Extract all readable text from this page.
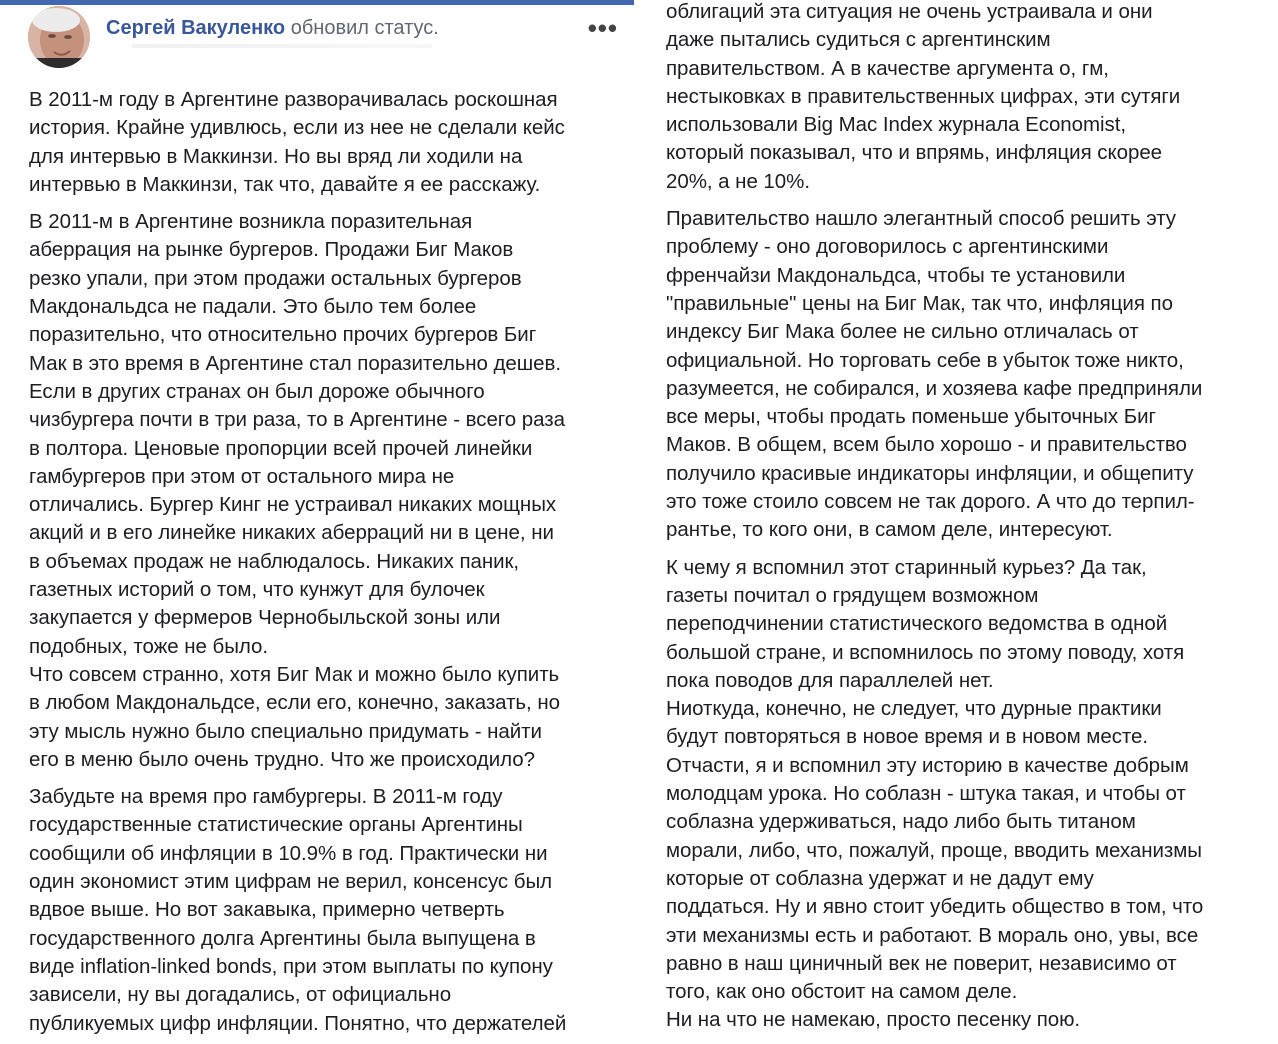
Сергей Вакуленко обновил статус.	•••

В 2011-м году в Аргентине разворачивалась роскошная
история. Крайне удивлюсь, если из нее не сделали кейс
для интервью в Маккинзи. Но вы вряд ли ходили на
интервью в Маккинзи, так что, давайте я ее расскажу.

В 2011-м в Аргентине возникла поразительная
аберрация на рынке бургеров. Продажи Биг Маков
резко упали, при этом продажи остальных бургеров
Макдональдса не падали. Это было тем более
поразительно, что относительно прочих бургеров Биг
Мак в это время в Аргентине стал поразительно дешев.
Если в других странах он был дороже обычного
чизбургера почти в три раза, то в Аргентине - всего раза
в полтора. Ценовые пропорции всей прочей линейки
гамбургеров при этом от остального мира не
отличались. Бургер Кинг не устраивал никаких мощных
акций и в его линейке никаких аберраций ни в цене, ни
в объемах продаж не наблюдалось. Никаких паник,
газетных историй о том, что кунжут для булочек
закупается у фермеров Чернобыльской зоны или
подобных, тоже не было.
Что совсем странно, хотя Биг Мак и можно было купить
в любом Макдональдсе, если его, конечно, заказать, но
эту мысль нужно было специально придумать - найти
его в меню было очень трудно. Что же происходило?

Забудьте на время про гамбургеры. В 2011-м году
государственные статистические органы Аргентины
сообщили об инфляции в 10.9% в год. Практически ни
один экономист этим цифрам не верил, консенсус был
вдвое выше. Но вот закавыка, примерно четверть
государственного долга Аргентины была выпущена в
виде inflation-linked bonds, при этом выплаты по купону
зависели, ну вы догадались, от официально
публикуемых цифр инфляции. Понятно, что держателей

облигаций эта ситуация не очень устраивала и они
даже пытались судиться с аргентинским
правительством. А в качестве аргумента о, гм,
нестыковках в правительственных цифрах, эти сутяги
использовали Big Mac Index журнала Economist,
который показывал, что и впрямь, инфляция скорее
20%, а не 10%.

Правительство нашло элегантный способ решить эту
проблему - оно договорилось с аргентинскими
френчайзи Макдональдса, чтобы те установили
"правильные" цены на Биг Мак, так что, инфляция по
индексу Биг Мака более не сильно отличалась от
официальной. Но торговать себе в убыток тоже никто,
разумеется, не собирался, и хозяева кафе предприняли
все меры, чтобы продать поменьше убыточных Биг
Маков. В общем, всем было хорошо - и правительство
получило красивые индикаторы инфляции, и общепиту
это тоже стоило совсем не так дорого. А что до терпил-
рантье, то кого они, в самом деле, интересуют.

К чему я вспомнил этот старинный курьез? Да так,
газеты почитал о грядущем возможном
переподчинении статистического ведомства в одной
большой стране, и вспомнилось по этому поводу, хотя
пока поводов для параллелей нет.
Ниоткуда, конечно, не следует, что дурные практики
будут повторяться в новое время и в новом месте.
Отчасти, я и вспомнил эту историю в качестве добрым
молодцам урока. Но соблазн - штука такая, и чтобы от
соблазна удерживаться, надо либо быть титаном
морали, либо, что, пожалуй, проще, вводить механизмы
которые от соблазна удержат и не дадут ему
поддаться. Ну и явно стоит убедить общество в том, что
эти механизмы есть и работают. В мораль оно, увы, все
равно в наш циничный век не поверит, независимо от
того, как оно обстоит на самом деле.
Ни на что не намекаю, просто песенку пою.
